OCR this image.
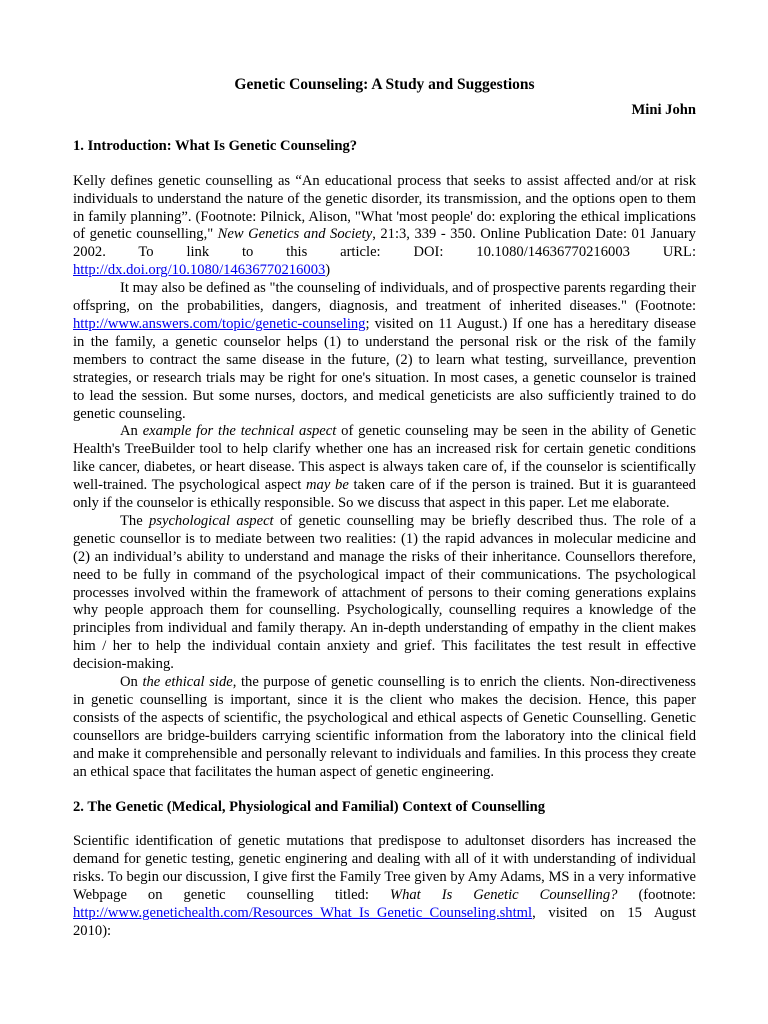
Genetic Counseling: A Study and Suggestions
Mini John
1. Introduction: What Is Genetic Counseling?

Kelly defines genetic counselling as “An educational process that seeks to assist affected and/or at risk individuals to understand the nature of the genetic disorder, its transmission, and the options open to them in family planning”. (Footnote: Pilnick, Alison, "What 'most people' do: exploring the ethical implications of genetic counselling," New Genetics and Society, 21:3, 339 - 350. Online Publication Date: 01 January 2002. To link to this article: DOI: 10.1080/14636770216003 URL: http://dx.doi.org/10.1080/14636770216003)

It may also be defined as "the counseling of individuals, and of prospective parents regarding their offspring, on the probabilities, dangers, diagnosis, and treatment of inherited diseases." (Footnote: http://www.answers.com/topic/genetic-counseling; visited on 11 August.) If one has a hereditary disease in the family, a genetic counselor helps (1) to understand the personal risk or the risk of the family members to contract the same disease in the future, (2) to learn what testing, surveillance, prevention strategies, or research trials may be right for one's situation. In most cases, a genetic counselor is trained to lead the session. But some nurses, doctors, and medical geneticists are also sufficiently trained to do genetic counseling.

An example for the technical aspect of genetic counseling may be seen in the ability of Genetic Health's TreeBuilder tool to help clarify whether one has an increased risk for certain genetic conditions like cancer, diabetes, or heart disease. This aspect is always taken care of, if the counselor is scientifically well-trained. The psychological aspect may be taken care of if the person is trained. But it is guaranteed only if the counselor is ethically responsible. So we discuss that aspect in this paper. Let me elaborate.

The psychological aspect of genetic counselling may be briefly described thus. The role of a genetic counsellor is to mediate between two realities: (1) the rapid advances in molecular medicine and (2) an individual’s ability to understand and manage the risks of their inheritance. Counsellors therefore, need to be fully in command of the psychological impact of their communications. The psychological processes involved within the framework of attachment of persons to their coming generations explains why people approach them for counselling. Psychologically, counselling requires a knowledge of the principles from individual and family therapy. An in-depth understanding of empathy in the client makes him / her to help the individual contain anxiety and grief. This facilitates the test result in effective decision-making.

On the ethical side, the purpose of genetic counselling is to enrich the clients. Non-directiveness in genetic counselling is important, since it is the client who makes the decision. Hence, this paper consists of the aspects of scientific, the psychological and ethical aspects of Genetic Counselling. Genetic counsellors are bridge-builders carrying scientific information from the laboratory into the clinical field and make it comprehensible and personally relevant to individuals and families. In this process they create an ethical space that facilitates the human aspect of genetic engineering.

2. The Genetic (Medical, Physiological and Familial) Context of Counselling

Scientific identification of genetic mutations that predispose to adultonset disorders has increased the demand for genetic testing, genetic enginering and dealing with all of it with understanding of individual risks. To begin our discussion, I give first the Family Tree given by Amy Adams, MS in a very informative Webpage on genetic counselling titled: What Is Genetic Counselling? (footnote: http://www.genetichealth.com/Resources_What_Is_Genetic_Counseling.shtml, visited on 15 August 2010):
